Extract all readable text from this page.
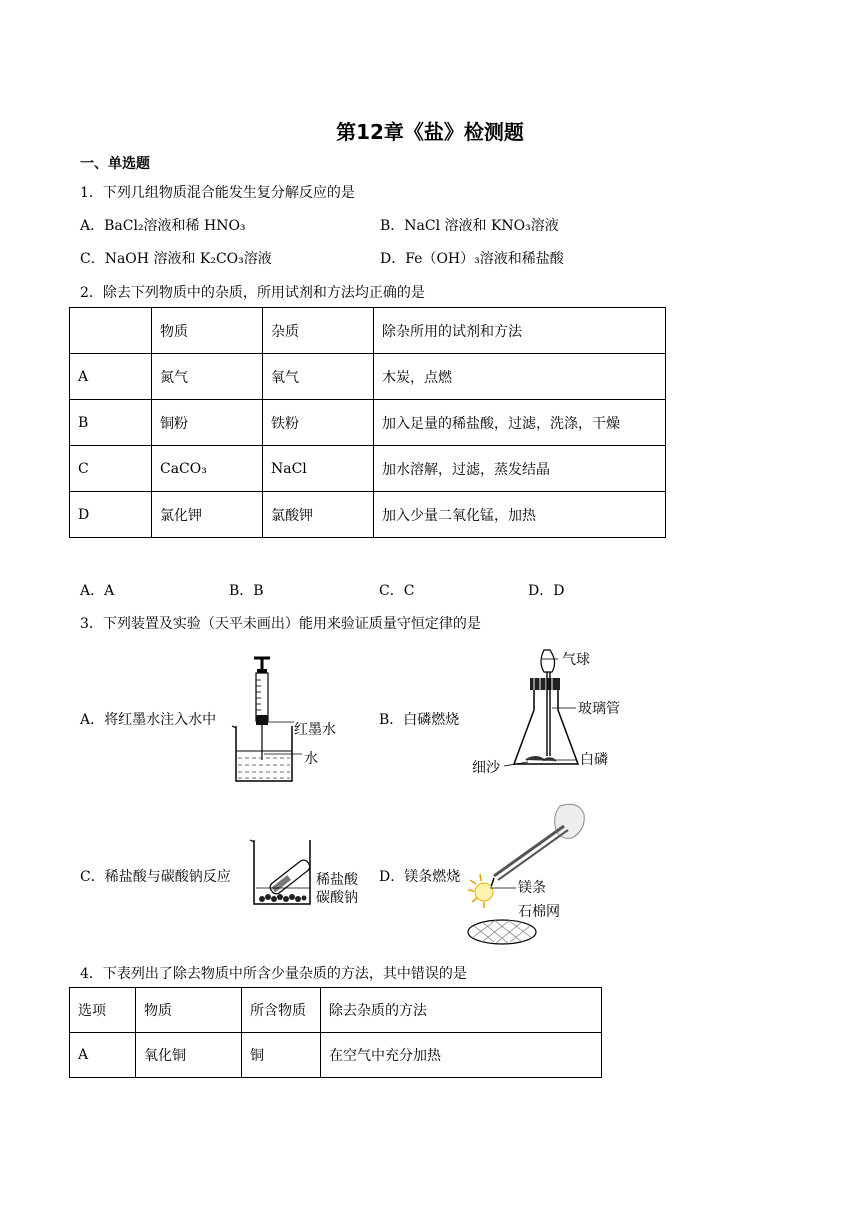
第12章《盐》检测题
一、单选题
1．下列几组物质混合能发生复分解反应的是
A．BaCl₂溶液和稀 HNO₃	B．NaCl 溶液和 KNO₃溶液
C．NaOH 溶液和 K₂CO₃溶液	D．Fe（OH）₃溶液和稀盐酸
2．除去下列物质中的杂质，所用试剂和方法均正确的是
	物质	杂质	除杂所用的试剂和方法
A	氮气	氧气	木炭，点燃
B	铜粉	铁粉	加入足量的稀盐酸，过滤，洗涤，干燥
C	CaCO₃	NaCl	加水溶解，过滤，蒸发结晶
D	氯化钾	氯酸钾	加入少量二氧化锰，加热
A．A	B．B	C．C	D．D
3．下列装置及实验（天平未画出）能用来验证质量守恒定律的是
A．将红墨水注入水中	B．白磷燃烧
C．稀盐酸与碳酸钠反应	D．镁条燃烧
红墨水
水
气球
玻璃管
白磷
细沙
稀盐酸
碳酸钠
镁条
石棉网
4．下表列出了除去物质中所含少量杂质的方法，其中错误的是
选项	物质	所含物质	除去杂质的方法
A	氧化铜	铜	在空气中充分加热
